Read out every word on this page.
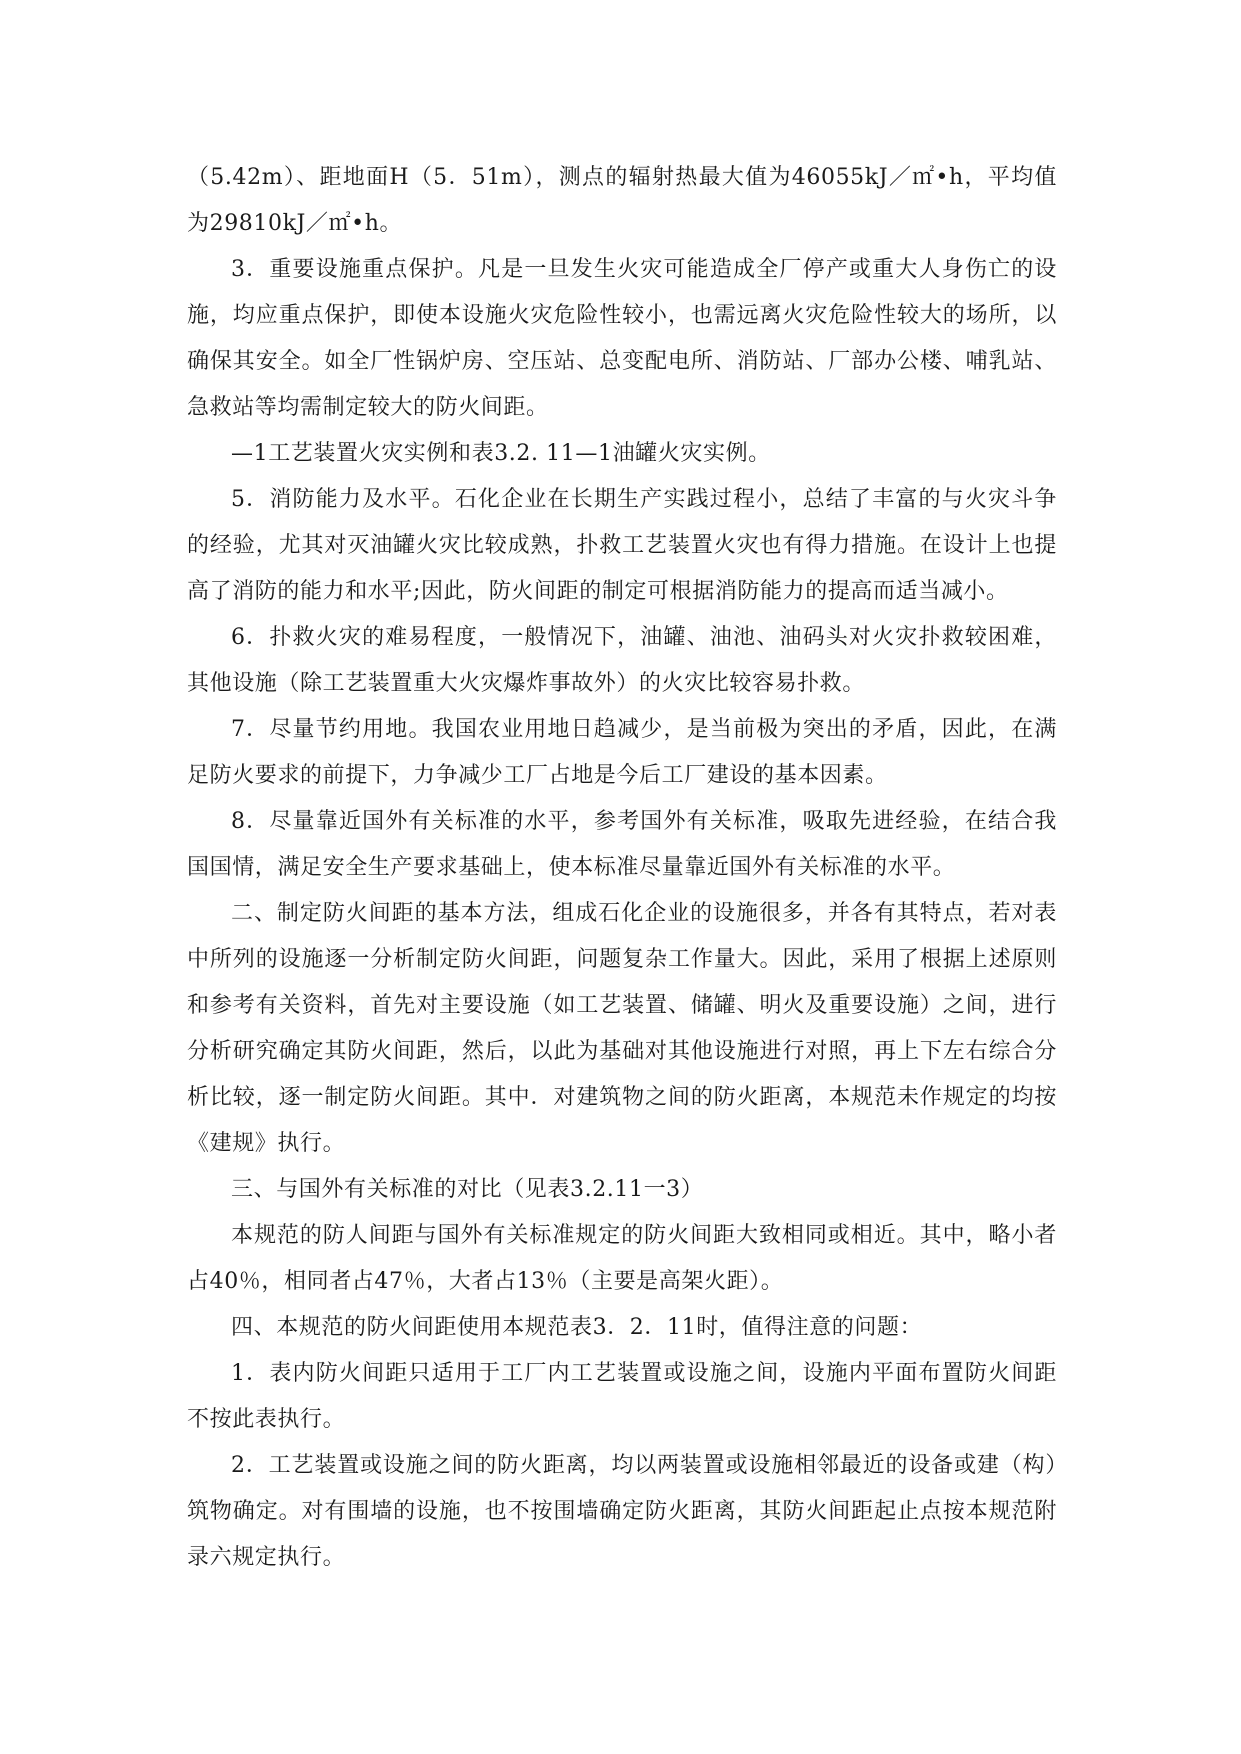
（5.42m）、距地面H（5．51m），测点的辐射热最大值为46055kJ／㎡•h，平均值为29810kJ／㎡•h。

3．重要设施重点保护。凡是一旦发生火灾可能造成全厂停产或重大人身伤亡的设施，均应重点保护，即使本设施火灾危险性较小，也需远离火灾危险性较大的场所，以确保其安全。如全厂性锅炉房、空压站、总变配电所、消防站、厂部办公楼、哺乳站、急救站等均需制定较大的防火间距。

—1工艺装置火灾实例和表3.2. 11—1油罐火灾实例。

5．消防能力及水平。石化企业在长期生产实践过程小，总结了丰富的与火灾斗争的经验，尤其对灭油罐火灾比较成熟，扑救工艺装置火灾也有得力措施。在设计上也提高了消防的能力和水平;因此，防火间距的制定可根据消防能力的提高而适当减小。

6．扑救火灾的难易程度，一般情况下，油罐、油池、油码头对火灾扑救较困难，其他设施（除工艺装置重大火灾爆炸事故外）的火灾比较容易扑救。

7．尽量节约用地。我国农业用地日趋减少，是当前极为突出的矛盾，因此，在满足防火要求的前提下，力争减少工厂占地是今后工厂建设的基本因素。

8．尽量靠近国外有关标准的水平，参考国外有关标准，吸取先进经验，在结合我国国情，满足安全生产要求基础上，使本标准尽量靠近国外有关标准的水平。

二、制定防火间距的基本方法，组成石化企业的设施很多，并各有其特点，若对表中所列的设施逐一分析制定防火间距，问题复杂工作量大。因此，采用了根据上述原则和参考有关资料，首先对主要设施（如工艺装置、储罐、明火及重要设施）之间，进行分析研究确定其防火间距，然后，以此为基础对其他设施进行对照，再上下左右综合分析比较，逐一制定防火间距。其中．对建筑物之间的防火距离，本规范未作规定的均按《建规》执行。

三、与国外有关标准的对比（见表3.2.11一3）

本规范的防人间距与国外有关标准规定的防火间距大致相同或相近。其中，略小者占40％，相同者占47％，大者占13％（主要是高架火距）。

四、本规范的防火间距使用本规范表3．2．11时，值得注意的问题：

1．表内防火间距只适用于工厂内工艺装置或设施之间，设施内平面布置防火间距不按此表执行。

2．工艺装置或设施之间的防火距离，均以两装置或设施相邻最近的设备或建（构）筑物确定。对有围墙的设施，也不按围墙确定防火距离，其防火间距起止点按本规范附录六规定执行。
